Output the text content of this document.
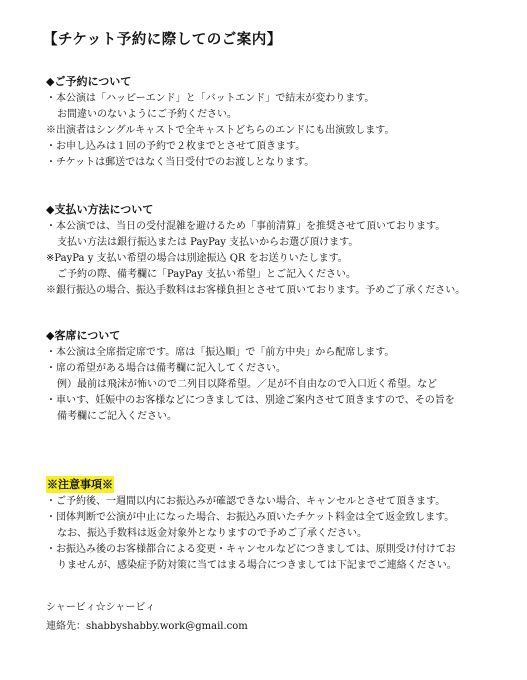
【チケット予約に際してのご案内】
◆ご予約について
・本公演は「ハッピーエンド」と「バットエンド」で結末が変わります。
お間違いのないようにご予約ください。
※出演者はシングルキャストで全キャストどちらのエンドにも出演致します。
・お申し込みは１回の予約で２枚までとさせて頂きます。
・チケットは郵送ではなく当日受付でのお渡しとなります。
◆支払い方法について
・本公演では、当日の受付混雑を避けるため「事前清算」を推奨させて頂いております。
支払い方法は銀行振込または PayPay 支払いからお選び頂けます。
※PayPa y 支払い希望の場合は別途振込 QR をお送りいたします。
ご予約の際、備考欄に「PayPay 支払い希望」とご記入ください。
※銀行振込の場合、振込手数料はお客様負担とさせて頂いております。予めご了承ください。
◆客席について
・本公演は全席指定席です。席は「振込順」で「前方中央」から配席します。
・席の希望がある場合は備考欄に記入してください。
例）最前は飛沫が怖いので二列目以降希望。／足が不自由なので入口近く希望。など
・車いす、妊娠中のお客様などにつきましては、別途ご案内させて頂きますので、その旨を
備考欄にご記入ください。
※注意事項※
・ご予約後、一週間以内にお振込みが確認できない場合、キャンセルとさせて頂きます。
・団体判断で公演が中止になった場合、お振込み頂いたチケット料金は全て返金致します。
なお、振込手数料は返金対象外となりますので予めご了承ください。
・お振込み後のお客様都合による変更・キャンセルなどにつきましては、原則受け付けてお
りませんが、感染症予防対策に当てはまる場合につきましては下記までご連絡ください。
シャービィ☆シャービィ
連絡先：shabbyshabby.work@gmail.com
